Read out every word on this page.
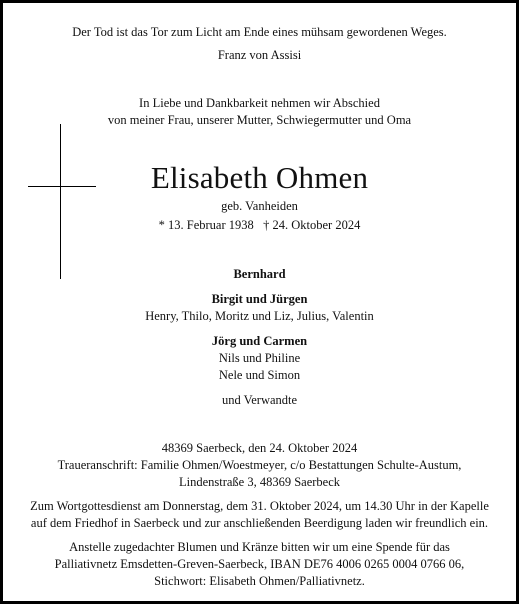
Der Tod ist das Tor zum Licht am Ende eines mühsam gewordenen Weges.
Franz von Assisi
In Liebe und Dankbarkeit nehmen wir Abschied
von meiner Frau, unserer Mutter, Schwiegermutter und Oma
Elisabeth Ohmen
geb. Vanheiden
* 13. Februar 1938   † 24. Oktober 2024
Bernhard
Birgit und Jürgen
Henry, Thilo, Moritz und Liz, Julius, Valentin
Jörg und Carmen
Nils und Philine
Nele und Simon
und Verwandte
48369 Saerbeck, den 24. Oktober 2024
Traueranschrift: Familie Ohmen/Woestmeyer, c/o Bestattungen Schulte-Austum,
Lindenstraße 3, 48369 Saerbeck
Zum Wortgottesdienst am Donnerstag, dem 31. Oktober 2024, um 14.30 Uhr in der Kapelle
auf dem Friedhof in Saerbeck und zur anschließenden Beerdigung laden wir freundlich ein.
Anstelle zugedachter Blumen und Kränze bitten wir um eine Spende für das
Palliativnetz Emsdetten-Greven-Saerbeck, IBAN DE76 4006 0265 0004 0766 06,
Stichwort: Elisabeth Ohmen/Palliativnetz.
